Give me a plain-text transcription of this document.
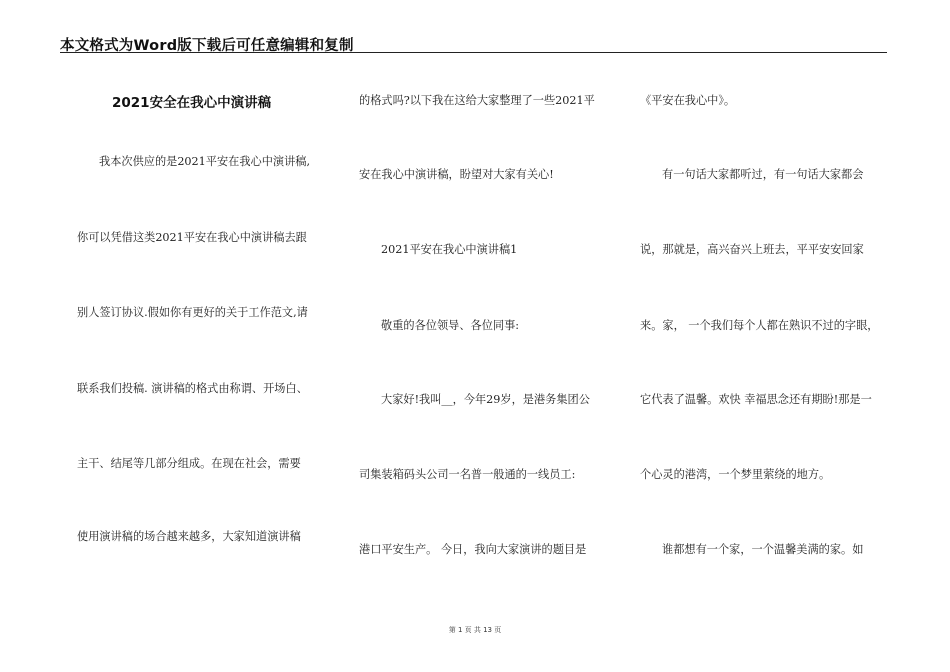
本文格式为Word版下载后可任意编辑和复制
2021安全在我心中演讲稿
我本次供应的是2021平安在我心中演讲稿,
你可以凭借这类2021平安在我心中演讲稿去跟
别人签订协议.假如你有更好的关于工作范文,请
联系我们投稿. 演讲稿的格式由称谓、开场白、
主干、结尾等几部分组成。在现在社会，需要
使用演讲稿的场合越来越多，大家知道演讲稿
的格式吗?以下我在这给大家整理了一些2021平
安在我心中演讲稿，盼望对大家有关心!
2021平安在我心中演讲稿1
敬重的各位领导、各位同事:
大家好!我叫__，今年29岁，是港务集团公
司集装箱码头公司一名普一般通的一线员工:
港口平安生产。 今日，我向大家演讲的题目是
《平安在我心中》。
有一句话大家都听过，有一句话大家都会
说，那就是，高兴奋兴上班去，平平安安回家
来。家， 一个我们每个人都在熟识不过的字眼，
它代表了温馨。欢快 幸福思念还有期盼!那是一
个心灵的港湾，一个梦里萦绕的地方。
谁都想有一个家，一个温馨美满的家。如
第 1 页 共 13 页
